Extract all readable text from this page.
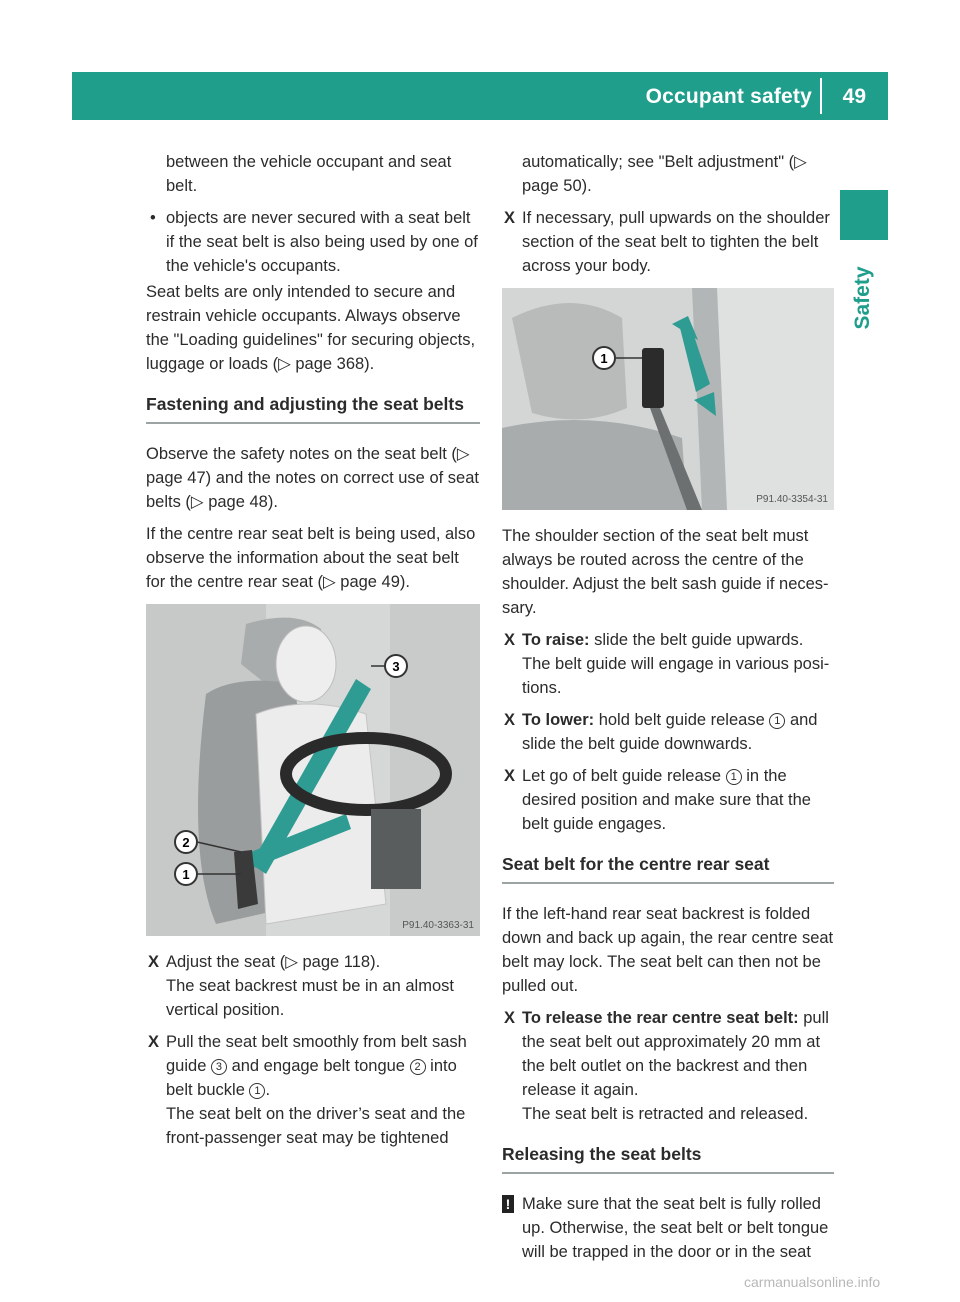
Occupant safety 49
Safety

between the vehicle occupant and seat belt.

• objects are never secured with a seat belt if the seat belt is also being used by one of the vehicle's occupants.

Seat belts are only intended to secure and restrain vehicle occupants. Always observe the "Loading guidelines" for securing objects, luggage or loads (▷ page 368).

Fastening and adjusting the seat belts

Observe the safety notes on the seat belt (▷ page 47) and the notes on correct use of seat belts (▷ page 48).

If the centre rear seat belt is being used, also observe the information about the seat belt for the centre rear seat (▷ page 49).

3
2
1
P91.40-3363-31
X Adjust the seat (▷ page 118).
The seat backrest must be in an almost vertical position.
X Pull the seat belt smoothly from belt sash guide 3 and engage belt tongue 2 into belt buckle 1 .
The seat belt on the driver’s seat and the front-passenger seat may be tightened

automatically; see "Belt adjustment" (▷ page 50).

X If necessary, pull upwards on the shoulder section of the seat belt to tighten the belt across your body.
1
P91.40-3354-31

The shoulder section of the seat belt must always be routed across the centre of the shoulder. Adjust the belt sash guide if neces-sary.

X To raise: slide the belt guide upwards.
The belt guide will engage in various posi-tions.
X To lower: hold belt guide release 1 and slide the belt guide downwards.
X Let go of belt guide release 1 in the desired position and make sure that the belt guide engages.
Seat belt for the centre rear seat

If the left-hand rear seat backrest is folded down and back up again, the rear centre seat belt may lock. The seat belt can then not be pulled out.

X To release the rear centre seat belt: pull the seat belt out approximately 20 mm at the belt outlet on the backrest and then release it again.
The seat belt is retracted and released.
Releasing the seat belts
! Make sure that the seat belt is fully rolled up. Otherwise, the seat belt or belt tongue will be trapped in the door or in the seat
carmanualsonline.info
